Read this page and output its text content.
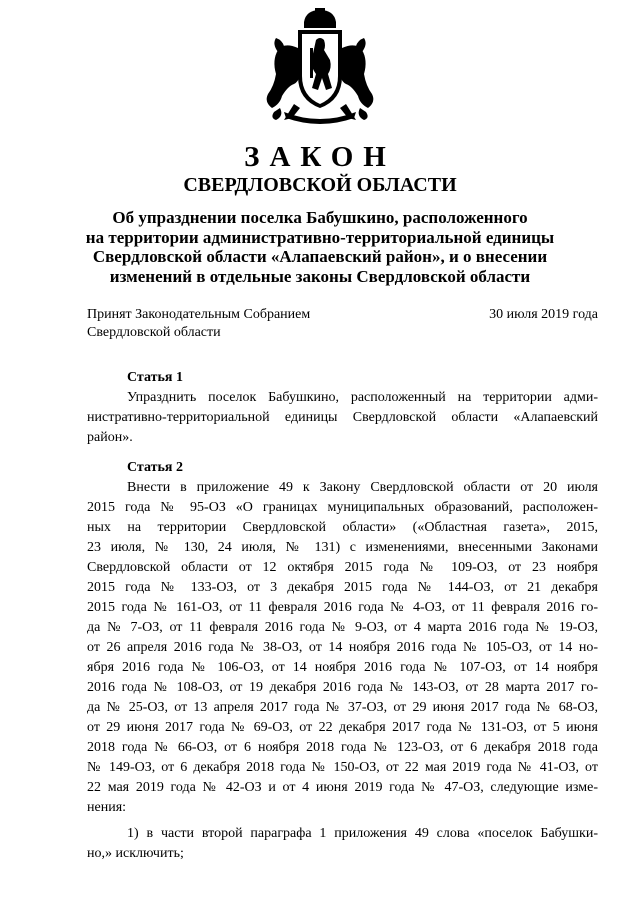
ЗАКОН
СВЕРДЛОВСКОЙ ОБЛАСТИ
Об упразднении поселка Бабушкино, расположенного
на территории административно-территориальной единицы
Свердловской области «Алапаевский район», и о внесении
изменений в отдельные законы Свердловской области
Принят Законодательным Собранием
Свердловской области
30 июля 2019 года
Статья 1
Упразднить поселок Бабушкино, расположенный на территории адми-
нистративно-территориальной единицы Свердловской области «Алапаевский
район».
Статья 2
Внести в приложение 49 к Закону Свердловской области от 20 июля
2015 года № 95-ОЗ «О границах муниципальных образований, расположен-
ных на территории Свердловской области» («Областная газета», 2015,
23 июля, № 130, 24 июля, № 131) с изменениями, внесенными Законами
Свердловской области от 12 октября 2015 года № 109-ОЗ, от 23 ноября
2015 года № 133-ОЗ, от 3 декабря 2015 года № 144-ОЗ, от 21 декабря
2015 года № 161-ОЗ, от 11 февраля 2016 года № 4-ОЗ, от 11 февраля 2016 го-
да № 7-ОЗ, от 11 февраля 2016 года № 9-ОЗ, от 4 марта 2016 года № 19-ОЗ,
от 26 апреля 2016 года № 38-ОЗ, от 14 ноября 2016 года № 105-ОЗ, от 14 но-
ября 2016 года № 106-ОЗ, от 14 ноября 2016 года № 107-ОЗ, от 14 ноября
2016 года № 108-ОЗ, от 19 декабря 2016 года № 143-ОЗ, от 28 марта 2017 го-
да № 25-ОЗ, от 13 апреля 2017 года № 37-ОЗ, от 29 июня 2017 года № 68-ОЗ,
от 29 июня 2017 года № 69-ОЗ, от 22 декабря 2017 года № 131-ОЗ, от 5 июня
2018 года № 66-ОЗ, от 6 ноября 2018 года № 123-ОЗ, от 6 декабря 2018 года
№ 149-ОЗ, от 6 декабря 2018 года № 150-ОЗ, от 22 мая 2019 года № 41-ОЗ, от
22 мая 2019 года № 42-ОЗ и от 4 июня 2019 года № 47-ОЗ, следующие изме-
нения:
1) в части второй параграфа 1 приложения 49 слова «поселок Бабушки-
но,» исключить;
